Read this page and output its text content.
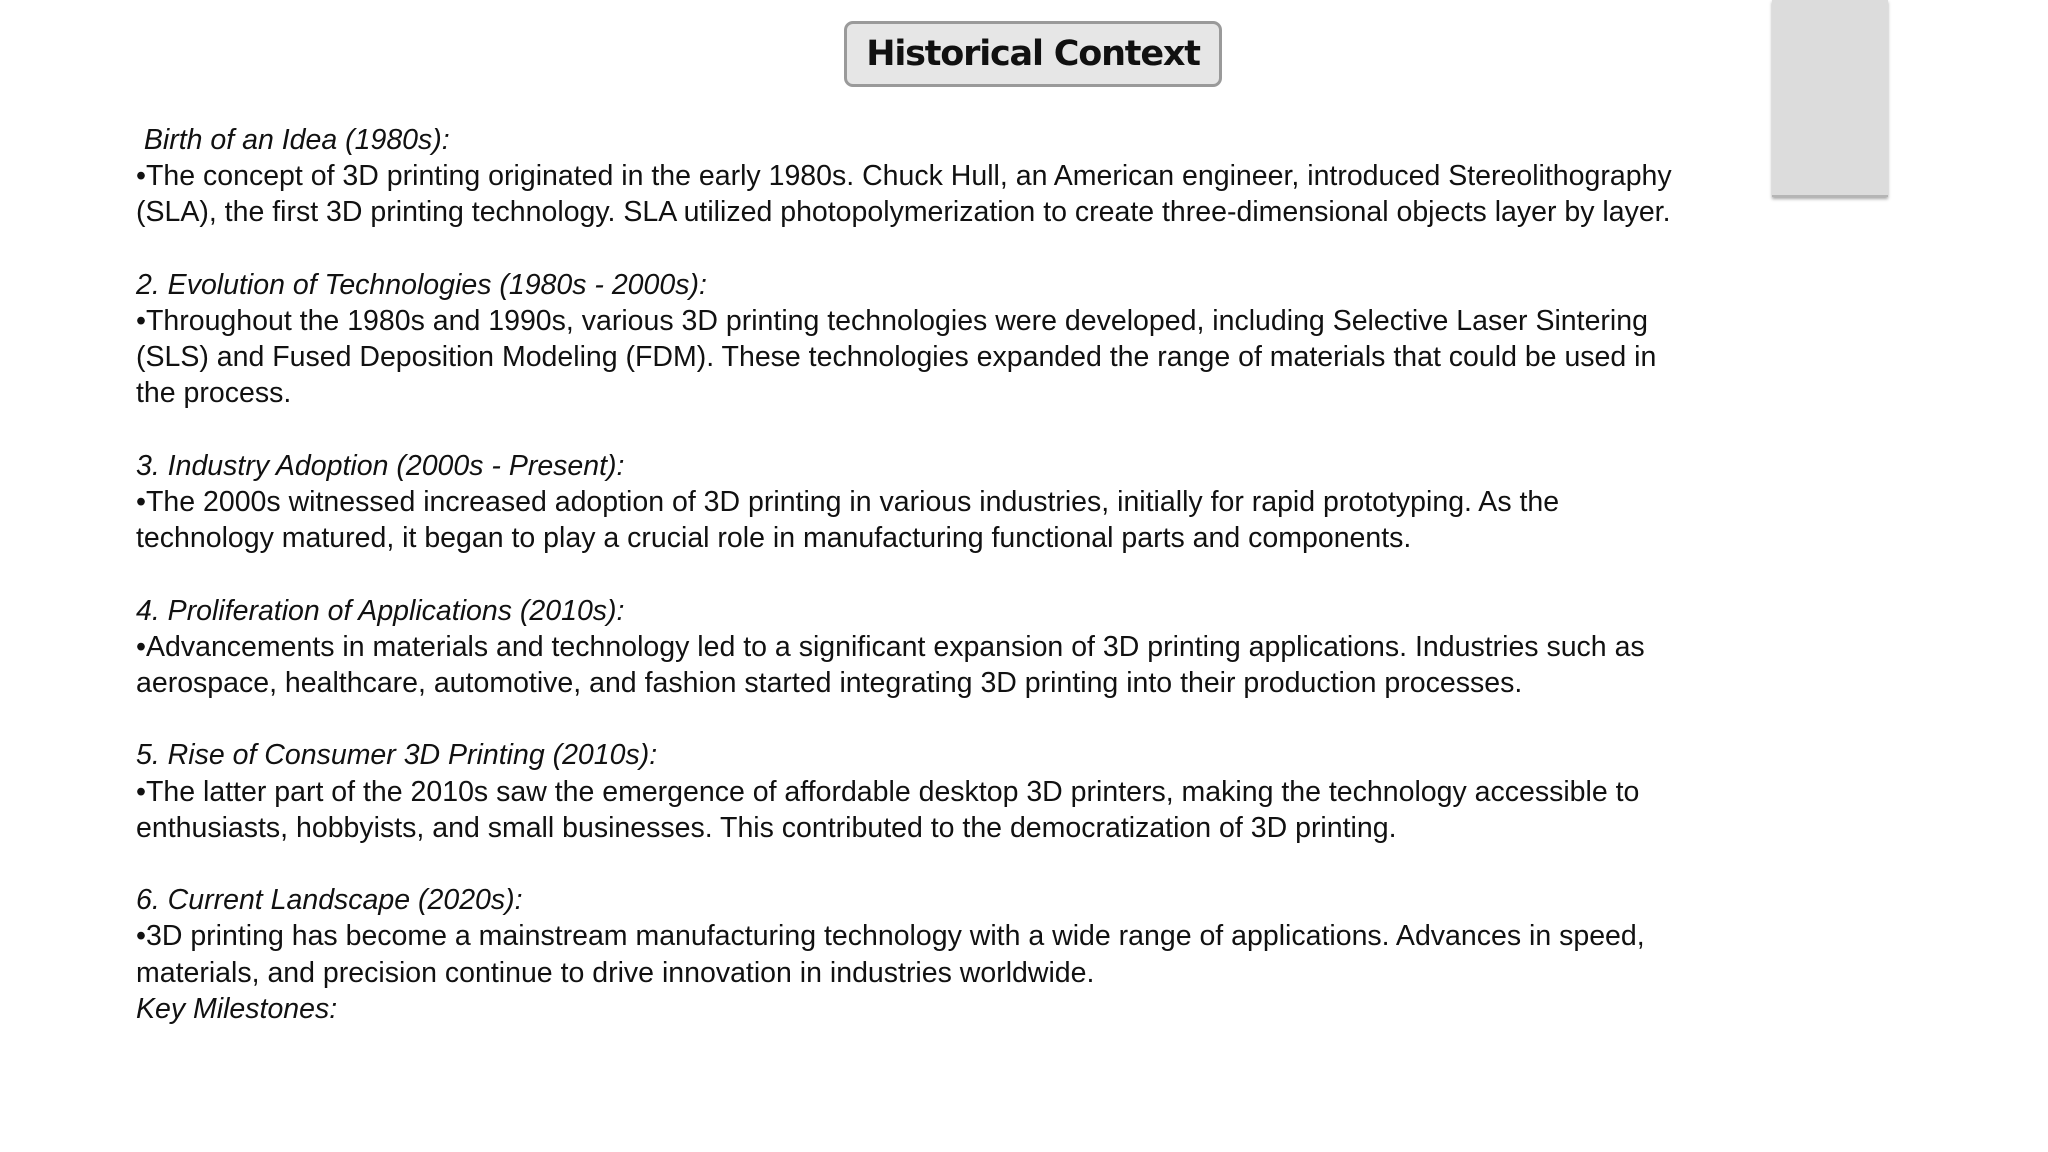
Historical Context
Birth of an Idea (1980s):
•The concept of 3D printing originated in the early 1980s. Chuck Hull, an American engineer, introduced Stereolithography
(SLA), the first 3D printing technology. SLA utilized photopolymerization to create three-dimensional objects layer by layer.
2. Evolution of Technologies (1980s - 2000s):
•Throughout the 1980s and 1990s, various 3D printing technologies were developed, including Selective Laser Sintering
(SLS) and Fused Deposition Modeling (FDM). These technologies expanded the range of materials that could be used in
the process.
3. Industry Adoption (2000s - Present):
•The 2000s witnessed increased adoption of 3D printing in various industries, initially for rapid prototyping. As the
technology matured, it began to play a crucial role in manufacturing functional parts and components.
4. Proliferation of Applications (2010s):
•Advancements in materials and technology led to a significant expansion of 3D printing applications. Industries such as
aerospace, healthcare, automotive, and fashion started integrating 3D printing into their production processes.
5. Rise of Consumer 3D Printing (2010s):
•The latter part of the 2010s saw the emergence of affordable desktop 3D printers, making the technology accessible to
enthusiasts, hobbyists, and small businesses. This contributed to the democratization of 3D printing.
6. Current Landscape (2020s):
•3D printing has become a mainstream manufacturing technology with a wide range of applications. Advances in speed,
materials, and precision continue to drive innovation in industries worldwide.
Key Milestones:
